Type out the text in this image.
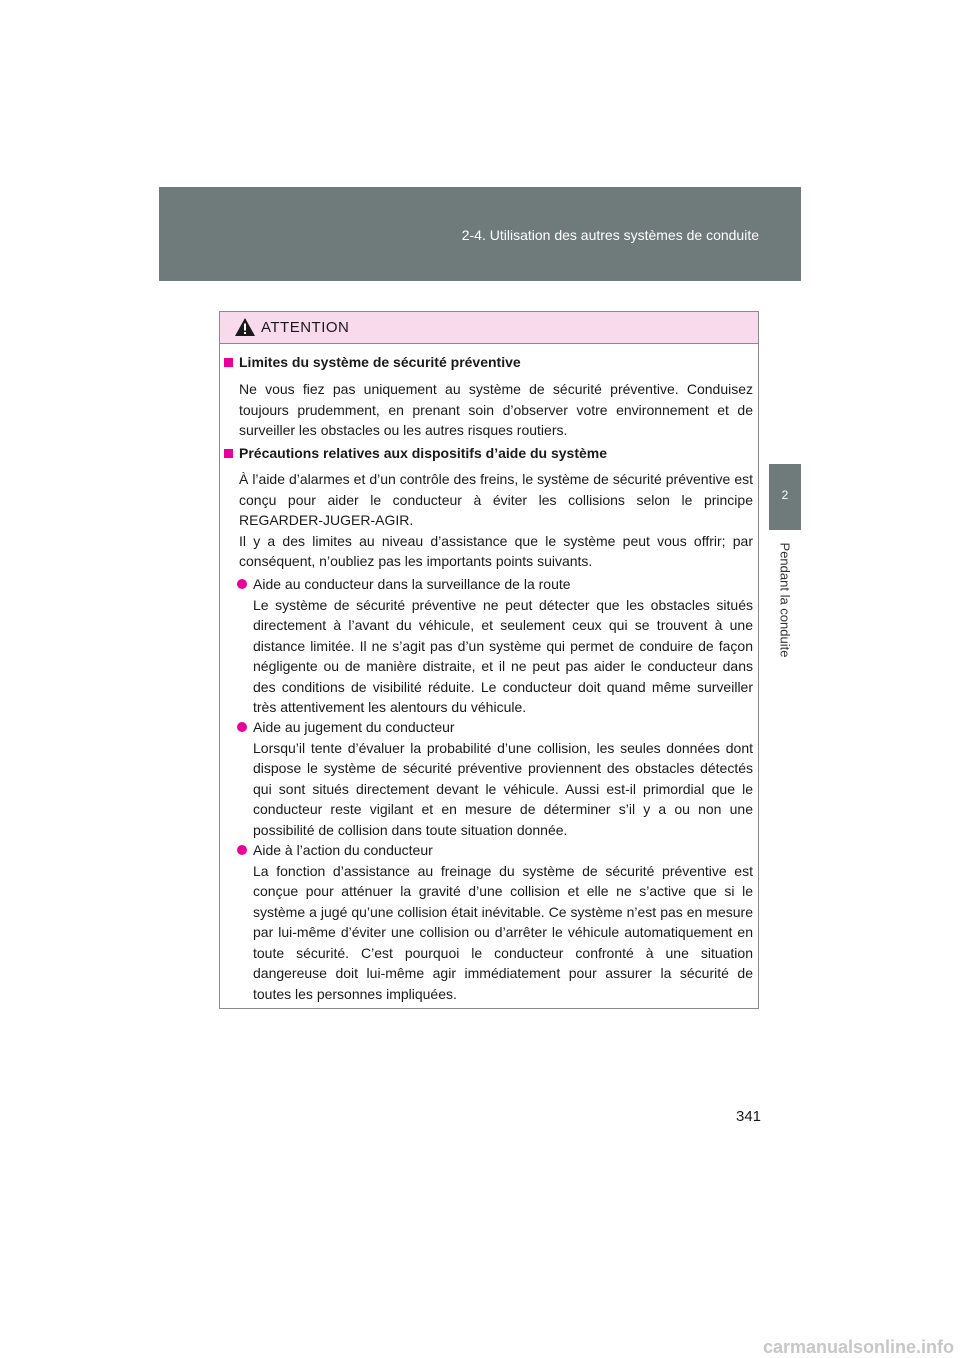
2-4. Utilisation des autres systèmes de conduite
2
Pendant la conduite
ATTENTION
Limites du système de sécurité préventive
Ne vous fiez pas uniquement au système de sécurité préventive. Conduisez toujours prudemment, en prenant soin d’observer votre environnement et de surveiller les obstacles ou les autres risques routiers.
Précautions relatives aux dispositifs d’aide du système
À l’aide d’alarmes et d’un contrôle des freins, le système de sécurité préventive est conçu pour aider le conducteur à éviter les collisions selon le principe REGARDER-JUGER-AGIR.
Il y a des limites au niveau d’assistance que le système peut vous offrir; par conséquent, n’oubliez pas les importants points suivants.
Aide au conducteur dans la surveillance de la route
Le système de sécurité préventive ne peut détecter que les obstacles situés directement à l’avant du véhicule, et seulement ceux qui se trouvent à une distance limitée. Il ne s’agit pas d’un système qui permet de conduire de façon négligente ou de manière distraite, et il ne peut pas aider le conducteur dans des conditions de visibilité réduite. Le conducteur doit quand même surveiller très attentivement les alentours du véhicule.
Aide au jugement du conducteur
Lorsqu’il tente d’évaluer la probabilité d’une collision, les seules données dont dispose le système de sécurité préventive proviennent des obstacles détectés qui sont situés directement devant le véhicule. Aussi est-il primordial que le conducteur reste vigilant et en mesure de déterminer s’il y a ou non une possibilité de collision dans toute situation donnée.
Aide à l’action du conducteur
La fonction d’assistance au freinage du système de sécurité préventive est conçue pour atténuer la gravité d’une collision et elle ne s’active que si le système a jugé qu’une collision était inévitable. Ce système n’est pas en mesure par lui-même d’éviter une collision ou d’arrêter le véhicule automatiquement en toute sécurité. C’est pourquoi le conducteur confronté à une situation dangereuse doit lui-même agir immédiatement pour assurer la sécurité de toutes les personnes impliquées.
341
carmanualsonline.info
